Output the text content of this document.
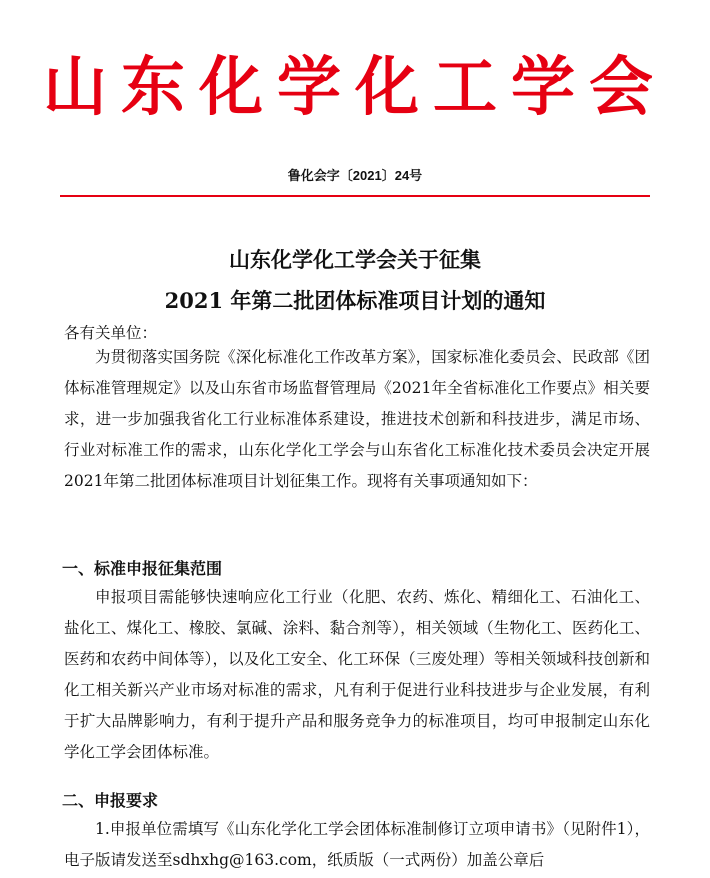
山东化学化工学会
鲁化会字〔2021〕24号
山东化学化工学会关于征集
2021 年第二批团体标准项目计划的通知
各有关单位：

为贯彻落实国务院《深化标准化工作改革方案》，国家标准化委员会、民政部《团体标准管理规定》以及山东省市场监督管理局《2021年全省标准化工作要点》相关要求，进一步加强我省化工行业标准体系建设，推进技术创新和科技进步，满足市场、行业对标准工作的需求，山东化学化工学会与山东省化工标准化技术委员会决定开展2021年第二批团体标准项目计划征集工作。现将有关事项通知如下：

一、标准申报征集范围

申报项目需能够快速响应化工行业（化肥、农药、炼化、精细化工、石油化工、盐化工、煤化工、橡胶、氯碱、涂料、黏合剂等），相关领域（生物化工、医药化工、医药和农药中间体等），以及化工安全、化工环保（三废处理）等相关领域科技创新和化工相关新兴产业市场对标准的需求，凡有利于促进行业科技进步与企业发展，有利于扩大品牌影响力，有利于提升产品和服务竞争力的标准项目，均可申报制定山东化学化工学会团体标准。

二、申报要求

1.申报单位需填写《山东化学化工学会团体标准制修订立项申请书》（见附件1），电子版请发送至sdhxhg@163.com，纸质版（一式两份）加盖公章后
